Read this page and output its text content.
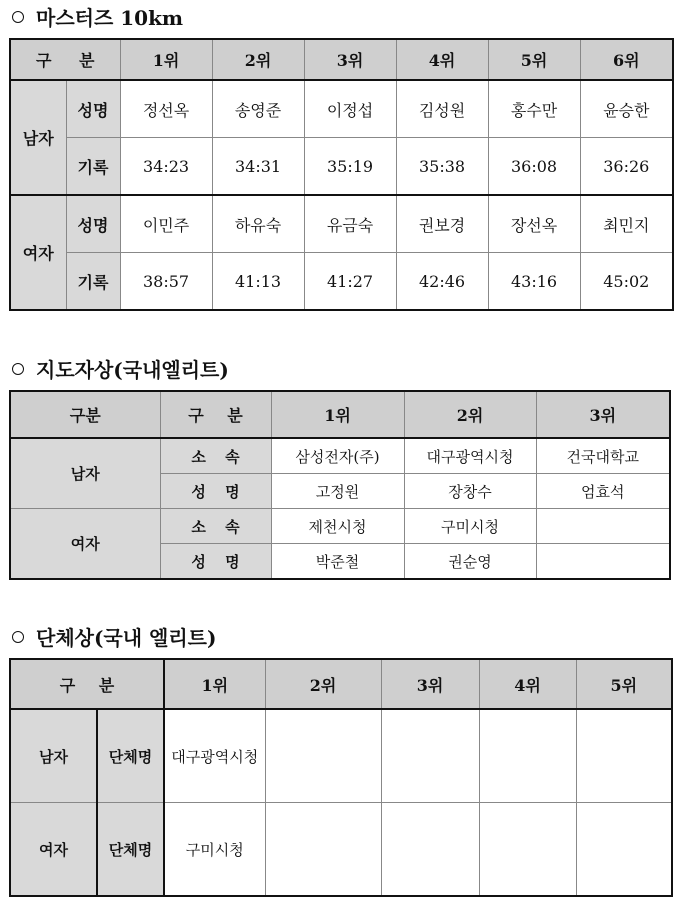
마스터즈 10km
구 분		1위	2위	3위	4위	5위	6위
남자	성명	정선옥	송영준	이정섭	김성원	홍수만	윤승한
	기록	34:23	34:31	35:19	35:38	36:08	36:26
여자	성명	이민주	하유숙	유금숙	권보경	장선옥	최민지
	기록	38:57	41:13	41:27	42:46	43:16	45:02
지도자상(국내엘리트)
구분	구 분	1위	2위	3위
남자	소 속	삼성전자(주)	대구광역시청	건국대학교
	성 명	고정원	장창수	엄효석
여자	소 속	제천시청	구미시청	
	성 명	박준철	권순영	
단체상(국내 엘리트)
구 분		1위	2위	3위	4위	5위
남자	단체명	대구광역시청				
여자	단체명	구미시청				
